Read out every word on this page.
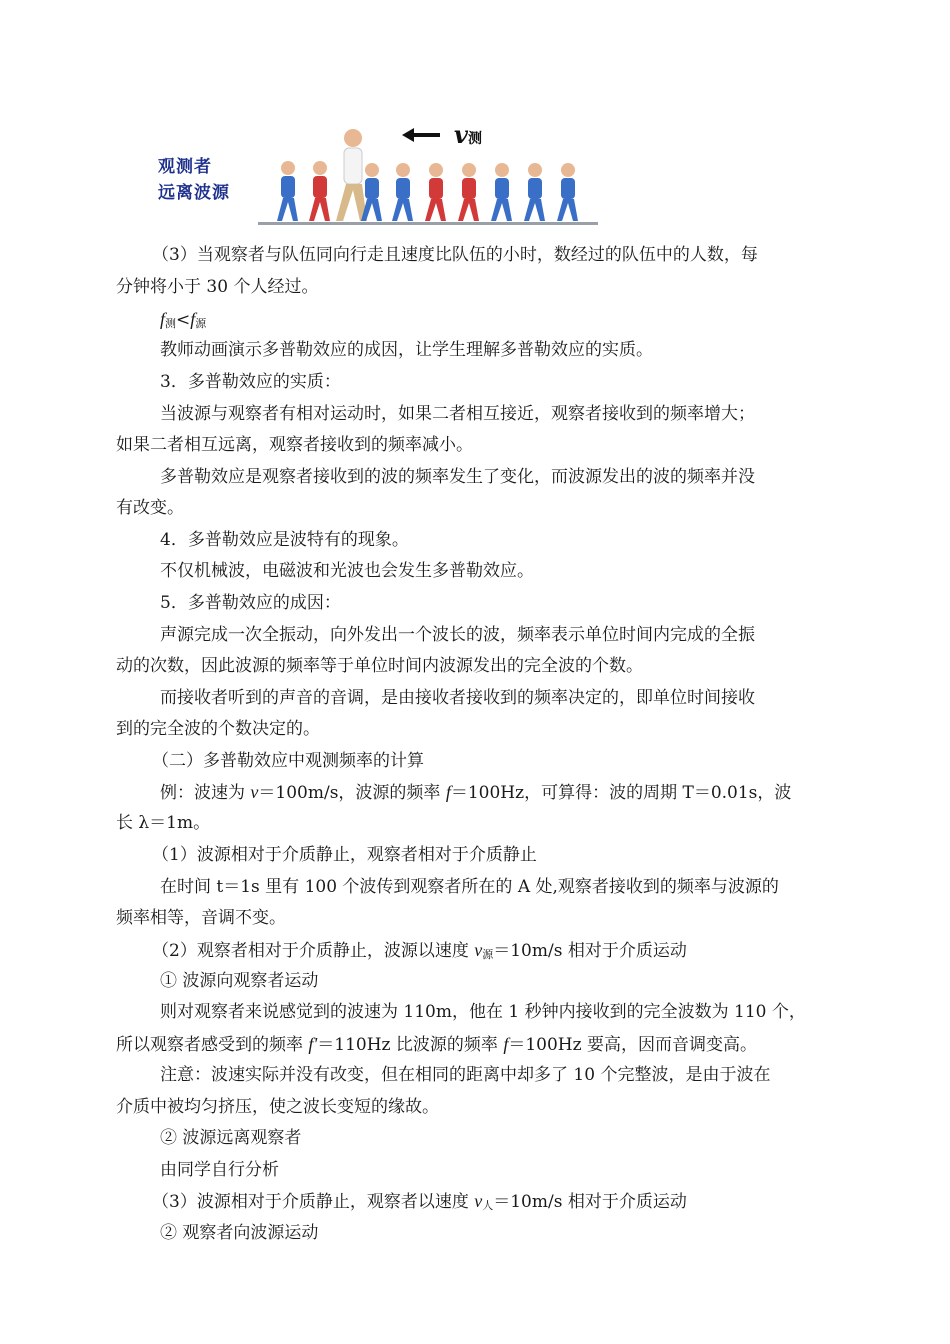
观测者
远离波源
v测
（3）当观察者与队伍同向行走且速度比队伍的小时，数经过的队伍中的人数，每
分钟将小于 30 个人经过。
f测<f源
教师动画演示多普勒效应的成因，让学生理解多普勒效应的实质。
3．多普勒效应的实质：
当波源与观察者有相对运动时，如果二者相互接近，观察者接收到的频率增大；
如果二者相互远离，观察者接收到的频率减小。
多普勒效应是观察者接收到的波的频率发生了变化，而波源发出的波的频率并没
有改变。
4．多普勒效应是波特有的现象。
不仅机械波，电磁波和光波也会发生多普勒效应。
5．多普勒效应的成因：
声源完成一次全振动，向外发出一个波长的波，频率表示单位时间内完成的全振
动的次数，因此波源的频率等于单位时间内波源发出的完全波的个数。
而接收者听到的声音的音调，是由接收者接收到的频率决定的，即单位时间接收
到的完全波的个数决定的。
（二）多普勒效应中观测频率的计算
例：波速为 v＝100m/s，波源的频率 f＝100Hz，可算得：波的周期 T＝0.01s，波
长 λ＝1m。
（1）波源相对于介质静止，观察者相对于介质静止
在时间 t＝1s 里有 100 个波传到观察者所在的 A 处,观察者接收到的频率与波源的
频率相等，音调不变。
（2）观察者相对于介质静止，波源以速度 v源＝10m/s 相对于介质运动
① 波源向观察者运动
则对观察者来说感觉到的波速为 110m，他在 1 秒钟内接收到的完全波数为 110 个，
所以观察者感受到的频率 f'＝110Hz 比波源的频率 f＝100Hz 要高，因而音调变高。
注意：波速实际并没有改变，但在相同的距离中却多了 10 个完整波，是由于波在
介质中被均匀挤压，使之波长变短的缘故。
② 波源远离观察者
由同学自行分析
（3）波源相对于介质静止，观察者以速度 v人＝10m/s 相对于介质运动
② 观察者向波源运动
